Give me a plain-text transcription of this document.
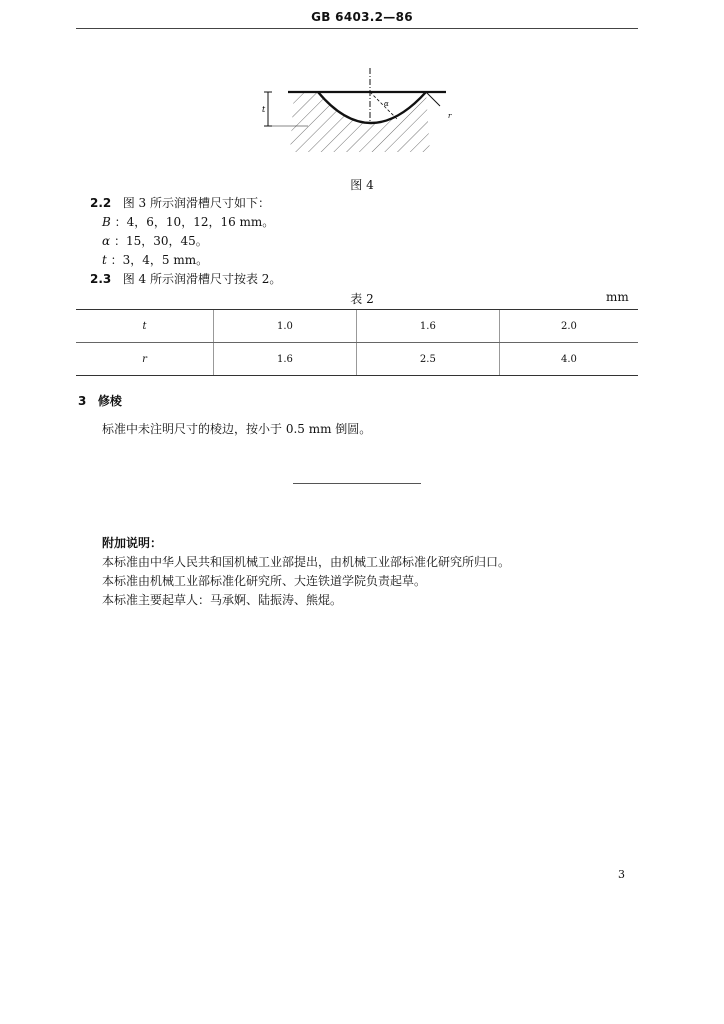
GB 6403.2—86
t
α
r
图 4
2.2 图 3 所示润滑槽尺寸如下：
B ：4，6，10，12，16 mm。
α ：15，30，45。
t ：3，4，5 mm。
2.3 图 4 所示润滑槽尺寸按表 2。
表 2	mm
t	1.0	1.6	2.0
r	1.6	2.5	4.0
3 修棱
标准中未注明尺寸的棱边，按小于 0.5 mm 倒圆。
附加说明：
本标准由中华人民共和国机械工业部提出，由机械工业部标准化研究所归口。
本标准由机械工业部标准化研究所、大连铁道学院负责起草。
本标准主要起草人：马承婀、陆振涛、熊焜。
3
